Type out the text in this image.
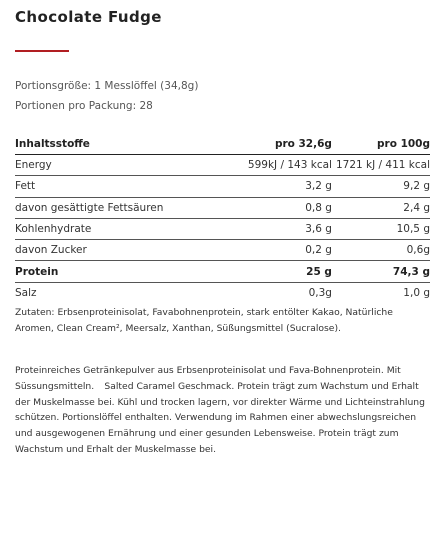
Chocolate Fudge
Portionsgröße: 1 Messlöffel (34,8g)
Portionen pro Packung: 28
Inhaltsstoffe	pro 32,6g	pro 100g
Energy	599kJ / 143 kcal	1721 kJ / 411 kcal
Fett	3,2 g	9,2 g
davon gesättigte Fettsäuren	0,8 g	2,4 g
Kohlenhydrate	3,6 g	10,5 g
davon Zucker	0,2 g	0,6g
Protein	25 g	74,3 g
Salz	0,3g	1,0 g

Zutaten: Erbsenproteinisolat, Favabohnenprotein, stark entölter Kakao, Natürliche Aromen, Clean Cream², Meersalz, Xanthan, Süßungsmittel (Sucralose).

Proteinreiches Getränkepulver aus Erbsenproteinisolat und Fava-Bohnenprotein. Mit Süssungsmitteln. Salted Caramel Geschmack. Protein trägt zum Wachstum und Erhalt der Muskelmasse bei. Kühl und trocken lagern, vor direkter Wärme und Lichteinstrahlung schützen. Portionslöffel enthalten. Verwendung im Rahmen einer abwechslungsreichen und ausgewogenen Ernährung und einer gesunden Lebensweise. Protein trägt zum Wachstum und Erhalt der Muskelmasse bei.
